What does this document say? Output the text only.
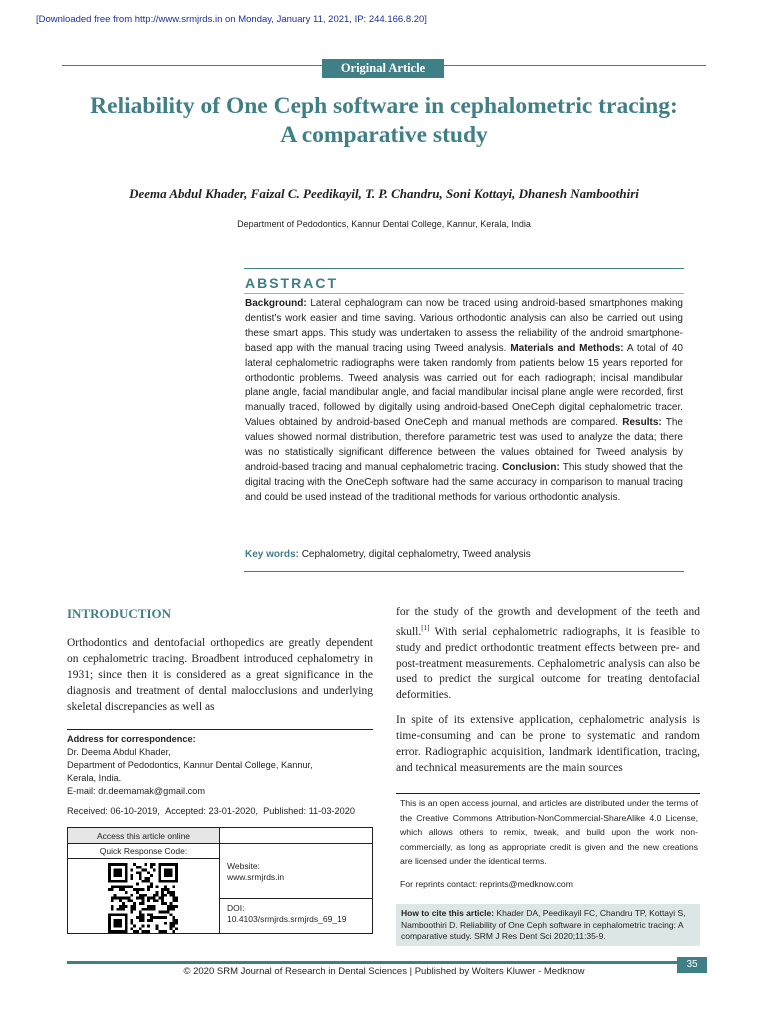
[Downloaded free from http://www.srmjrds.in on Monday, January 11, 2021, IP: 244.166.8.20]
Original Article
Reliability of One Ceph software in cephalometric tracing:
A comparative study
Deema Abdul Khader, Faizal C. Peedikayil, T. P. Chandru, Soni Kottayi, Dhanesh Namboothiri
Department of Pedodontics, Kannur Dental College, Kannur, Kerala, India
ABSTRACT
Background: Lateral cephalogram can now be traced using android-based smartphones making dentist's work easier and time saving. Various orthodontic analysis can also be carried out using these smart apps. This study was undertaken to assess the reliability of the android smartphone-based app with the manual tracing using Tweed analysis. Materials and Methods: A total of 40 lateral cephalometric radiographs were taken randomly from patients below 15 years reported for orthodontic problems. Tweed analysis was carried out for each radiograph; incisal mandibular plane angle, facial mandibular angle, and facial mandibular incisal plane angle were recorded, first manually traced, followed by digitally using android-based OneCeph digital cephalometric tracer. Values obtained by android-based OneCeph and manual methods are compared. Results: The values showed normal distribution, therefore parametric test was used to analyze the data; there was no statistically significant difference between the values obtained for Tweed analysis by android-based tracing and manual cephalometric tracing. Conclusion: This study showed that the digital tracing with the OneCeph software had the same accuracy in comparison to manual tracing and could be used instead of the traditional methods for various orthodontic analysis.
Key words: Cephalometry, digital cephalometry, Tweed analysis
INTRODUCTION
Orthodontics and dentofacial orthopedics are greatly dependent on cephalometric tracing. Broadbent introduced cephalometry in 1931; since then it is considered as a great significance in the diagnosis and treatment of dental malocclusions and underlying skeletal discrepancies as well as
for the study of the growth and development of the teeth and skull.[1] With serial cephalometric radiographs, it is feasible to study and predict orthodontic treatment effects between pre- and post-treatment measurements. Cephalometric analysis can also be used to predict the surgical outcome for treating dentofacial deformities.
In spite of its extensive application, cephalometric analysis is time-consuming and can be prone to systematic and random error. Radiographic acquisition, landmark identification, tracing, and technical measurements are the main sources
Address for correspondence:
Dr. Deema Abdul Khader,
Department of Pedodontics, Kannur Dental College, Kannur,
Kerala, India.
E-mail: dr.deemamak@gmail.com
Received: 06-10-2019, Accepted: 23-01-2020, Published: 11-03-2020
Access this article online
Quick Response Code:
Website:
www.srmjrds.in
DOI:
10.4103/srmjrds.srmjrds_69_19
This is an open access journal, and articles are distributed under the terms of the Creative Commons Attribution-NonCommercial-ShareAlike 4.0 License, which allows others to remix, tweak, and build upon the work non-commercially, as long as appropriate credit is given and the new creations are licensed under the identical terms.
For reprints contact: reprints@medknow.com
How to cite this article: Khader DA, Peedikayil FC, Chandru TP, Kottayi S, Namboothiri D. Reliability of One Ceph software in cephalometric tracing: A comparative study. SRM J Res Dent Sci 2020;11:35-9.
35
© 2020 SRM Journal of Research in Dental Sciences | Published by Wolters Kluwer - Medknow
